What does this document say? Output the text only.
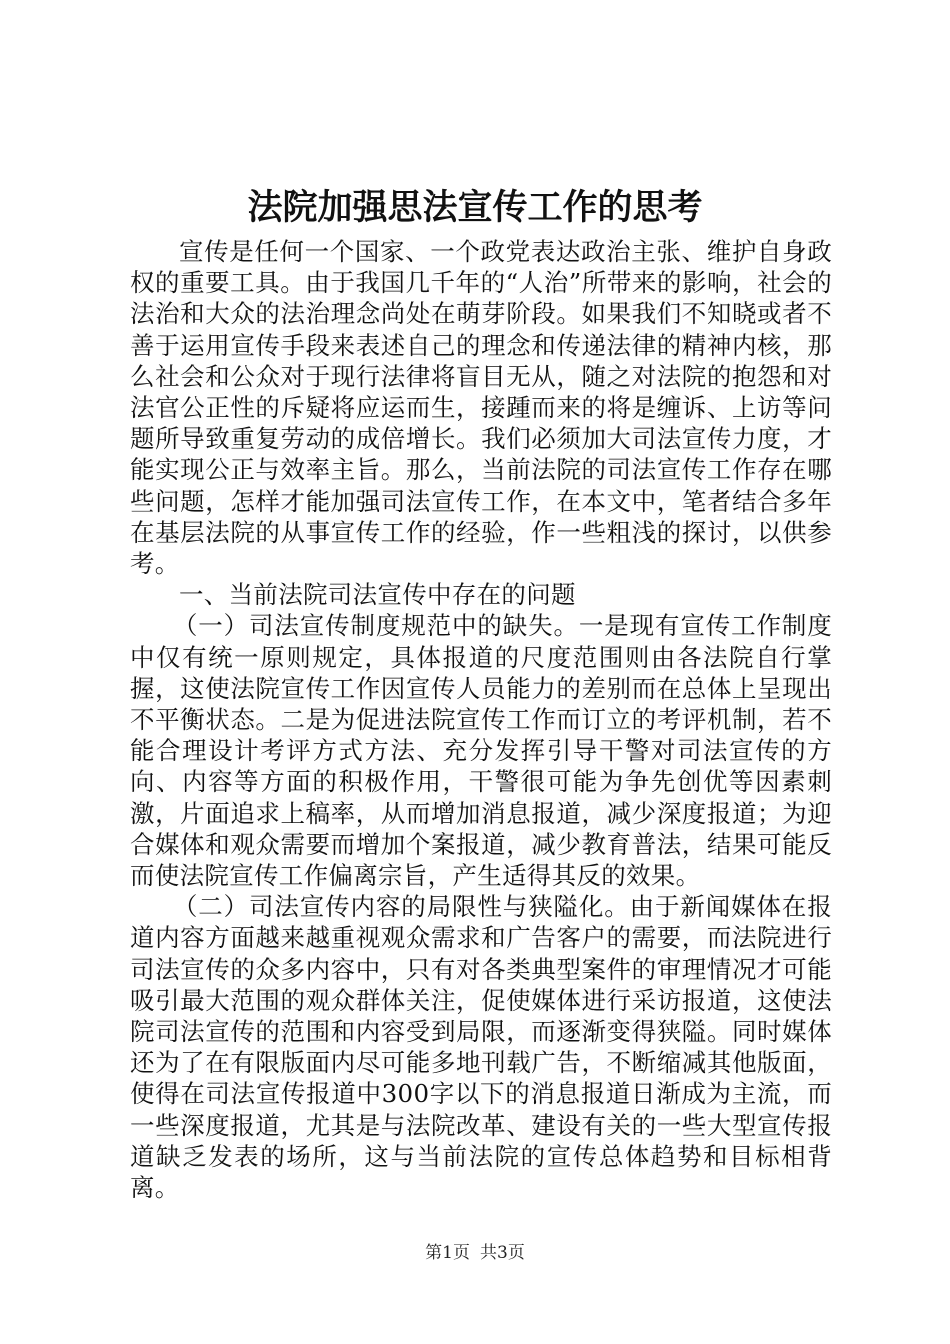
法院加强思法宣传工作的思考

宣传是任何一个国家、一个政党表达政治主张、维护自身政权的重要工具。由于我国几千年的“人治”所带来的影响，社会的法治和大众的法治理念尚处在萌芽阶段。如果我们不知晓或者不善于运用宣传手段来表述自己的理念和传递法律的精神内核，那么社会和公众对于现行法律将盲目无从，随之对法院的抱怨和对法官公正性的斥疑将应运而生，接踵而来的将是缠诉、上访等问题所导致重复劳动的成倍增长。我们必须加大司法宣传力度，才能实现公正与效率主旨。那么，当前法院的司法宣传工作存在哪些问题，怎样才能加强司法宣传工作，在本文中，笔者结合多年在基层法院的从事宣传工作的经验，作一些粗浅的探讨，以供参考。

一、当前法院司法宣传中存在的问题

（一）司法宣传制度规范中的缺失。一是现有宣传工作制度中仅有统一原则规定，具体报道的尺度范围则由各法院自行掌握，这使法院宣传工作因宣传人员能力的差别而在总体上呈现出不平衡状态。二是为促进法院宣传工作而订立的考评机制，若不能合理设计考评方式方法、充分发挥引导干警对司法宣传的方向、内容等方面的积极作用，干警很可能为争先创优等因素刺激，片面追求上稿率，从而增加消息报道，减少深度报道；为迎合媒体和观众需要而增加个案报道，减少教育普法，结果可能反而使法院宣传工作偏离宗旨，产生适得其反的效果。

（二）司法宣传内容的局限性与狭隘化。由于新闻媒体在报道内容方面越来越重视观众需求和广告客户的需要，而法院进行司法宣传的众多内容中，只有对各类典型案件的审理情况才可能吸引最大范围的观众群体关注，促使媒体进行采访报道，这使法院司法宣传的范围和内容受到局限，而逐渐变得狭隘。同时媒体还为了在有限版面内尽可能多地刊载广告，不断缩减其他版面，使得在司法宣传报道中300字以下的消息报道日渐成为主流，而一些深度报道，尤其是与法院改革、建设有关的一些大型宣传报道缺乏发表的场所，这与当前法院的宣传总体趋势和目标相背离。

第1页 共3页
